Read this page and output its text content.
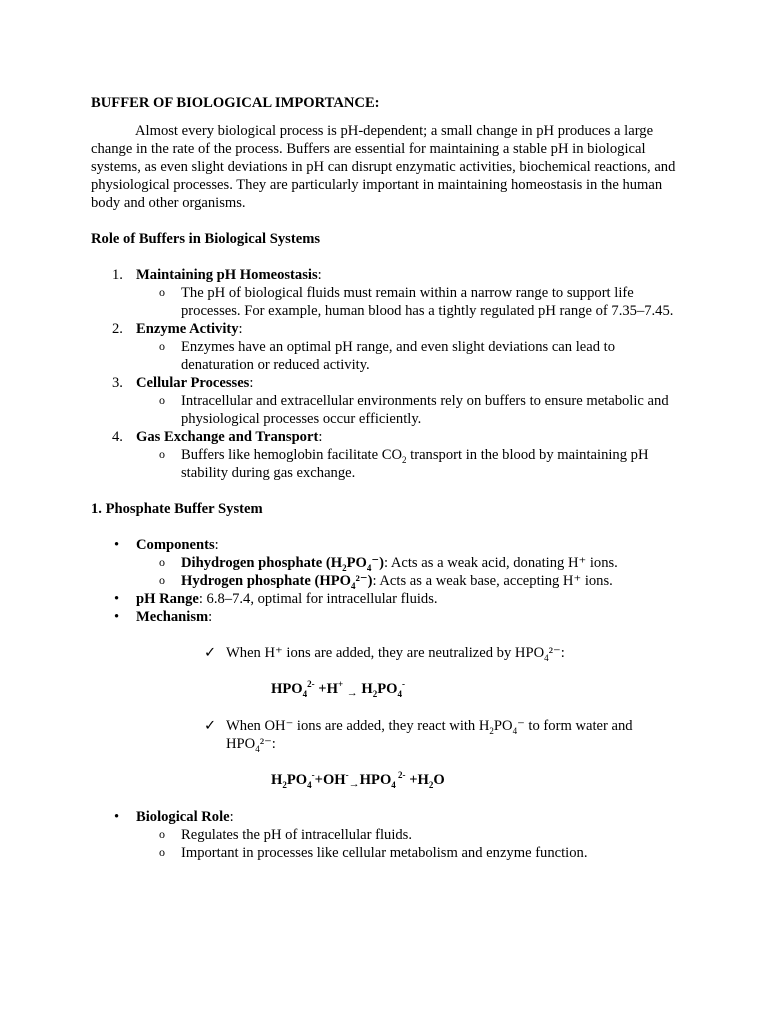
BUFFER OF BIOLOGICAL IMPORTANCE:

Almost every biological process is pH-dependent; a small change in pH produces a large change in the rate of the process. Buffers are essential for maintaining a stable pH in biological systems, as even slight deviations in pH can disrupt enzymatic activities, biochemical reactions, and physiological processes. They are particularly important in maintaining homeostasis in the human body and other organisms.

Role of Buffers in Biological Systems

1. Maintaining pH Homeostasis:
o The pH of biological fluids must remain within a narrow range to support life processes. For example, human blood has a tightly regulated pH range of 7.35–7.45.
2. Enzyme Activity:
o Enzymes have an optimal pH range, and even slight deviations can lead to denaturation or reduced activity.
3. Cellular Processes:
o Intracellular and extracellular environments rely on buffers to ensure metabolic and physiological processes occur efficiently.
4. Gas Exchange and Transport:
o Buffers like hemoglobin facilitate $CO_2$ transport in the blood by maintaining pH stability during gas exchange.

1. Phosphate Buffer System

• Components:
o Dihydrogen phosphate $(H_2PO_4^-)$: Acts as a weak acid, donating H⁺ ions.
o Hydrogen phosphate $(HPO_4^{2-})$: Acts as a weak base, accepting H⁺ ions.
• pH Range: 6.8–7.4, optimal for intracellular fluids.
• Mechanism:
✓ When H⁺ ions are added, they are neutralized by $HPO_4^{2-}$:
$HPO_4^{2-} +H^+$ $_\to$ $H_2PO_4^-$
✓ When OH⁻ ions are added, they react with $H_2PO_4^-$ to form water and
$HPO_4^{2-}$:
$H_2PO_4^-+OH^-_\to HPO_4$ $^{2-} +H_2O$
• Biological Role:
o Regulates the pH of intracellular fluids.
o Important in processes like cellular metabolism and enzyme function.
